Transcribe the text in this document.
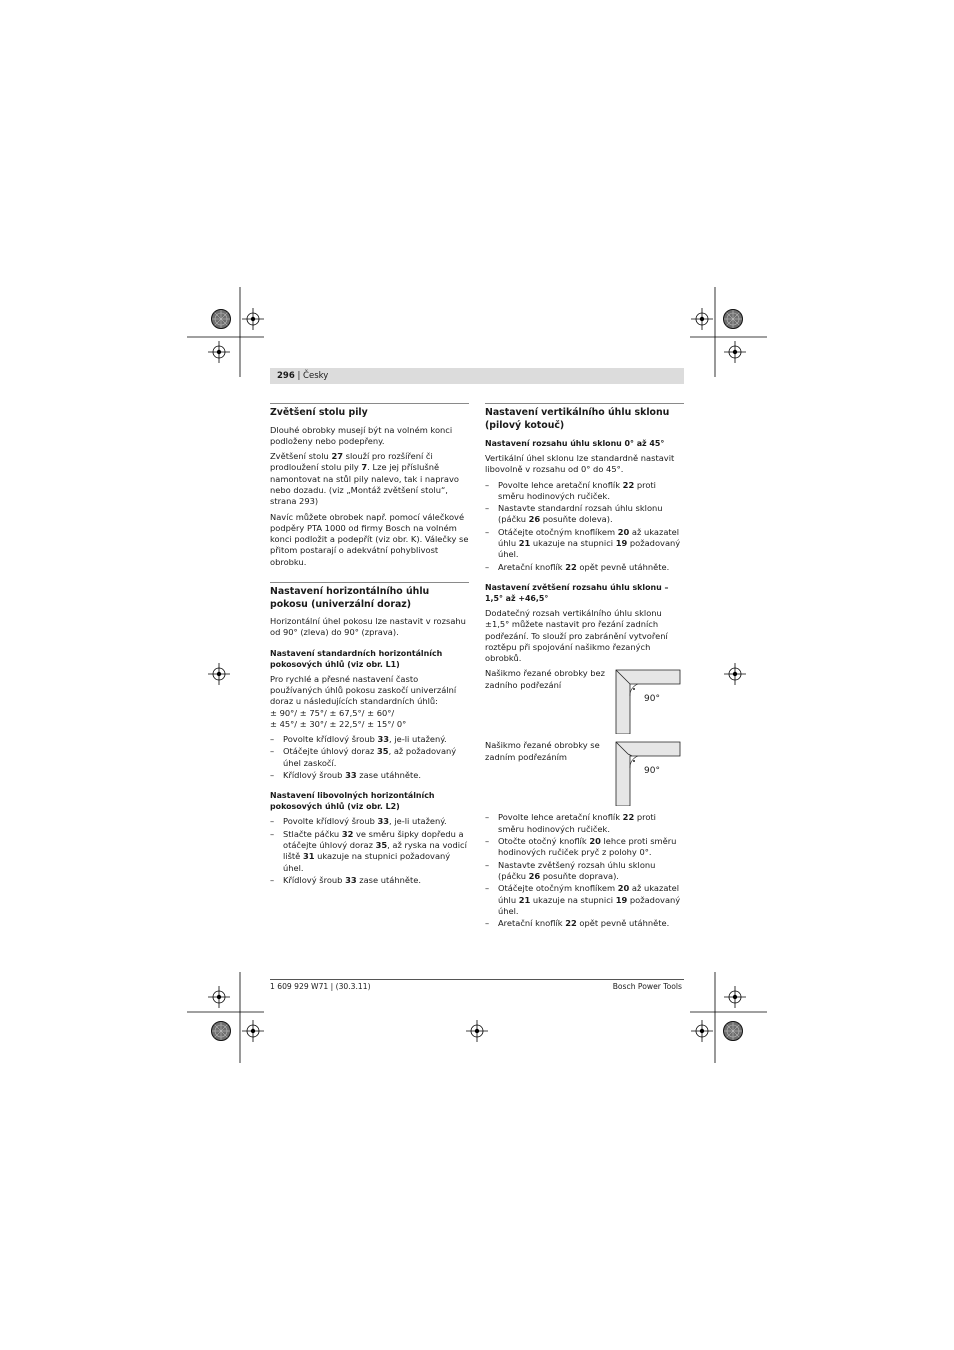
296 | Česky
Zvětšení stolu pily

Dlouhé obrobky musejí být na volném konci podloženy nebo podepřeny.

Zvětšení stolu 27 slouží pro rozšíření či prodloužení stolu pily 7. Lze jej příslušně namontovat na stůl pily nalevo, tak i napravo nebo dozadu. (viz „Montáž zvětšení stolu“, strana 293)

Navíc můžete obrobek např. pomocí válečkové podpěry PTA 1000 od firmy Bosch na volném konci podložit a podepřít (viz obr. K). Válečky se přitom postarají o adekvátní pohyblivost obrobku.

Nastavení horizontálního úhlu pokosu (univerzální doraz)

Horizontální úhel pokosu lze nastavit v rozsahu od 90° (zleva) do 90° (zprava).

Nastavení standardních horizontálních pokosových úhlů (viz obr. L1)

Pro rychlé a přesné nastavení často používaných úhlů pokosu zaskočí univerzální doraz u následujících standardních úhlů:
± 90°/ ± 75°/ ± 67,5°/ ± 60°/
± 45°/ ± 30°/ ± 22,5°/ ± 15°/ 0°

– Povolte křídlový šroub 33, je-li utažený.
– Otáčejte úhlový doraz 35, až požadovaný úhel zaskočí.
– Křídlový šroub 33 zase utáhněte.
Nastavení libovolných horizontálních pokosových úhlů (viz obr. L2)
– Povolte křídlový šroub 33, je-li utažený.
– Stlačte páčku 32 ve směru šipky dopředu a otáčejte úhlový doraz 35, až ryska na vodicí liště 31 ukazuje na stupnici požadovaný úhel.
– Křídlový šroub 33 zase utáhněte.
Nastavení vertikálního úhlu sklonu (pilový kotouč)
Nastavení rozsahu úhlu sklonu 0° až 45°

Vertikální úhel sklonu lze standardně nastavit libovolně v rozsahu od 0° do 45°.

– Povolte lehce aretační knoflík 22 proti směru hodinových ručiček.
– Nastavte standardní rozsah úhlu sklonu (páčku 26 posuňte doleva).
– Otáčejte otočným knoflíkem 20 až ukazatel úhlu 21 ukazuje na stupnici 19 požadovaný úhel.
– Aretační knoflík 22 opět pevně utáhněte.
Nastavení zvětšení rozsahu úhlu sklonu –1,5° až +46,5°

Dodatečný rozsah vertikálního úhlu sklonu ±1,5° můžete nastavit pro řezání zadních podřezání. To slouží pro zabránění vytvoření roztěpu při spojování našikmo řezaných obrobků.

Našikmo řezané obrobky bez zadního podřezání
90°
Našikmo řezané obrobky se zadním podřezáním
90°
– Povolte lehce aretační knoflík 22 proti směru hodinových ručiček.
– Otočte otočný knoflík 20 lehce proti směru hodinových ručiček pryč z polohy 0°.
– Nastavte zvětšený rozsah úhlu sklonu (páčku 26 posuňte doprava).
– Otáčejte otočným knoflíkem 20 až ukazatel úhlu 21 ukazuje na stupnici 19 požadovaný úhel.
– Aretační knoflík 22 opět pevně utáhněte.
1 609 929 W71 | (30.3.11)	Bosch Power Tools
